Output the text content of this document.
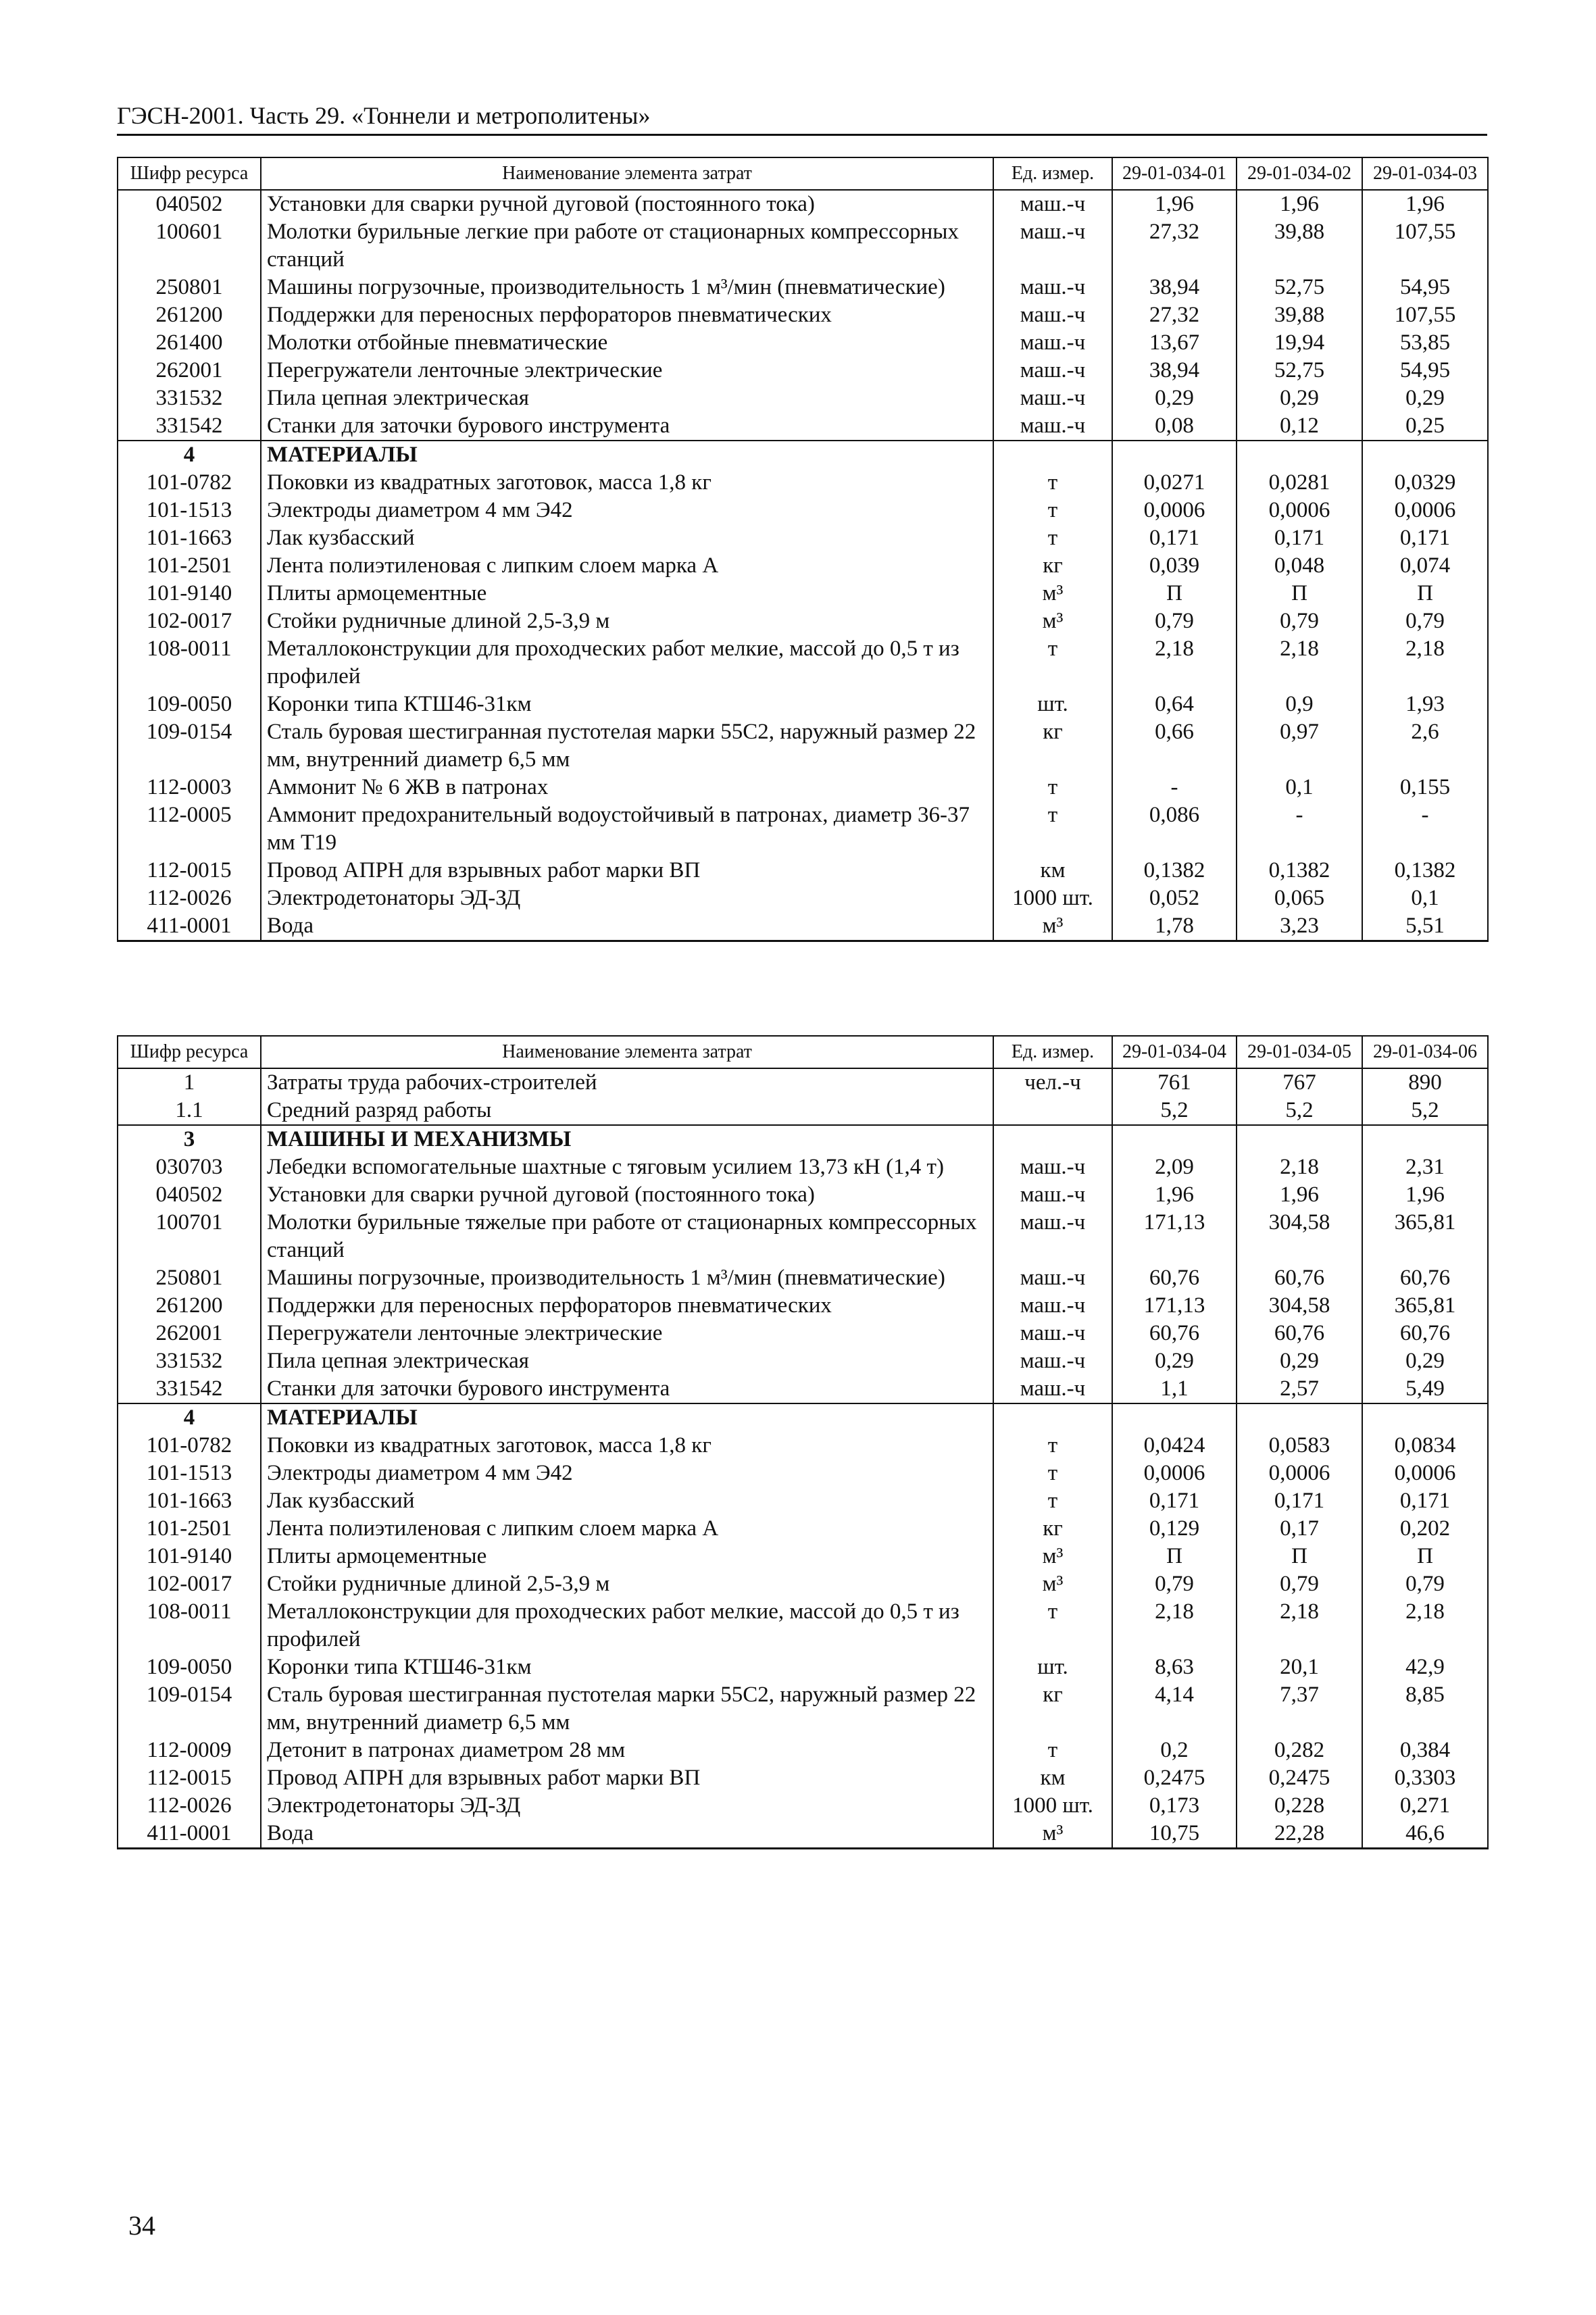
ГЭСН-2001. Часть 29. «Тоннели и метрополитены»
Шифр ресурса	Наименование элемента затрат	Ед. измер.	29-01-034-01	29-01-034-02	29-01-034-03
040502	Установки для сварки ручной дуговой (постоянного тока)	маш.-ч	1,96	1,96	1,96
100601	Молотки бурильные легкие при работе от стационарных компрессорных станций	маш.-ч	27,32	39,88	107,55
250801	Машины погрузочные, производительность 1 м³/мин (пневматические)	маш.-ч	38,94	52,75	54,95
261200	Поддержки для переносных перфораторов пневматических	маш.-ч	27,32	39,88	107,55
261400	Молотки отбойные пневматические	маш.-ч	13,67	19,94	53,85
262001	Перегружатели ленточные электрические	маш.-ч	38,94	52,75	54,95
331532	Пила цепная электрическая	маш.-ч	0,29	0,29	0,29
331542	Станки для заточки бурового инструмента	маш.-ч	0,08	0,12	0,25
4	МАТЕРИАЛЫ				
101-0782	Поковки из квадратных заготовок, масса 1,8 кг	т	0,0271	0,0281	0,0329
101-1513	Электроды диаметром 4 мм Э42	т	0,0006	0,0006	0,0006
101-1663	Лак кузбасский	т	0,171	0,171	0,171
101-2501	Лента полиэтиленовая с липким слоем марка А	кг	0,039	0,048	0,074
101-9140	Плиты армоцементные	м³	П	П	П
102-0017	Стойки рудничные длиной 2,5-3,9 м	м³	0,79	0,79	0,79
108-0011	Металлоконструкции для проходческих работ мелкие, массой до 0,5 т из профилей	т	2,18	2,18	2,18
109-0050	Коронки типа КТШ46-31км	шт.	0,64	0,9	1,93
109-0154	Сталь буровая шестигранная пустотелая марки 55С2, наружный размер 22 мм, внутренний диаметр 6,5 мм	кг	0,66	0,97	2,6
112-0003	Аммонит № 6 ЖВ в патронах	т	-	0,1	0,155
112-0005	Аммонит предохранительный водоустойчивый в патронах, диаметр 36-37 мм Т19	т	0,086	-	-
112-0015	Провод АПРН для взрывных работ марки ВП	км	0,1382	0,1382	0,1382
112-0026	Электродетонаторы ЭД-ЗД	1000 шт.	0,052	0,065	0,1
411-0001	Вода	м³	1,78	3,23	5,51
Шифр ресурса	Наименование элемента затрат	Ед. измер.	29-01-034-04	29-01-034-05	29-01-034-06
1	Затраты труда рабочих-строителей	чел.-ч	761	767	890
1.1	Средний разряд работы		5,2	5,2	5,2
3	МАШИНЫ И МЕХАНИЗМЫ				
030703	Лебедки вспомогательные шахтные с тяговым усилием 13,73 кН (1,4 т)	маш.-ч	2,09	2,18	2,31
040502	Установки для сварки ручной дуговой (постоянного тока)	маш.-ч	1,96	1,96	1,96
100701	Молотки бурильные тяжелые при работе от стационарных компрессорных станций	маш.-ч	171,13	304,58	365,81
250801	Машины погрузочные, производительность 1 м³/мин (пневматические)	маш.-ч	60,76	60,76	60,76
261200	Поддержки для переносных перфораторов пневматических	маш.-ч	171,13	304,58	365,81
262001	Перегружатели ленточные электрические	маш.-ч	60,76	60,76	60,76
331532	Пила цепная электрическая	маш.-ч	0,29	0,29	0,29
331542	Станки для заточки бурового инструмента	маш.-ч	1,1	2,57	5,49
4	МАТЕРИАЛЫ				
101-0782	Поковки из квадратных заготовок, масса 1,8 кг	т	0,0424	0,0583	0,0834
101-1513	Электроды диаметром 4 мм Э42	т	0,0006	0,0006	0,0006
101-1663	Лак кузбасский	т	0,171	0,171	0,171
101-2501	Лента полиэтиленовая с липким слоем марка А	кг	0,129	0,17	0,202
101-9140	Плиты армоцементные	м³	П	П	П
102-0017	Стойки рудничные длиной 2,5-3,9 м	м³	0,79	0,79	0,79
108-0011	Металлоконструкции для проходческих работ мелкие, массой до 0,5 т из профилей	т	2,18	2,18	2,18
109-0050	Коронки типа КТШ46-31км	шт.	8,63	20,1	42,9
109-0154	Сталь буровая шестигранная пустотелая марки 55С2, наружный размер 22 мм, внутренний диаметр 6,5 мм	кг	4,14	7,37	8,85
112-0009	Детонит в патронах диаметром 28 мм	т	0,2	0,282	0,384
112-0015	Провод АПРН для взрывных работ марки ВП	км	0,2475	0,2475	0,3303
112-0026	Электродетонаторы ЭД-ЗД	1000 шт.	0,173	0,228	0,271
411-0001	Вода	м³	10,75	22,28	46,6
34
